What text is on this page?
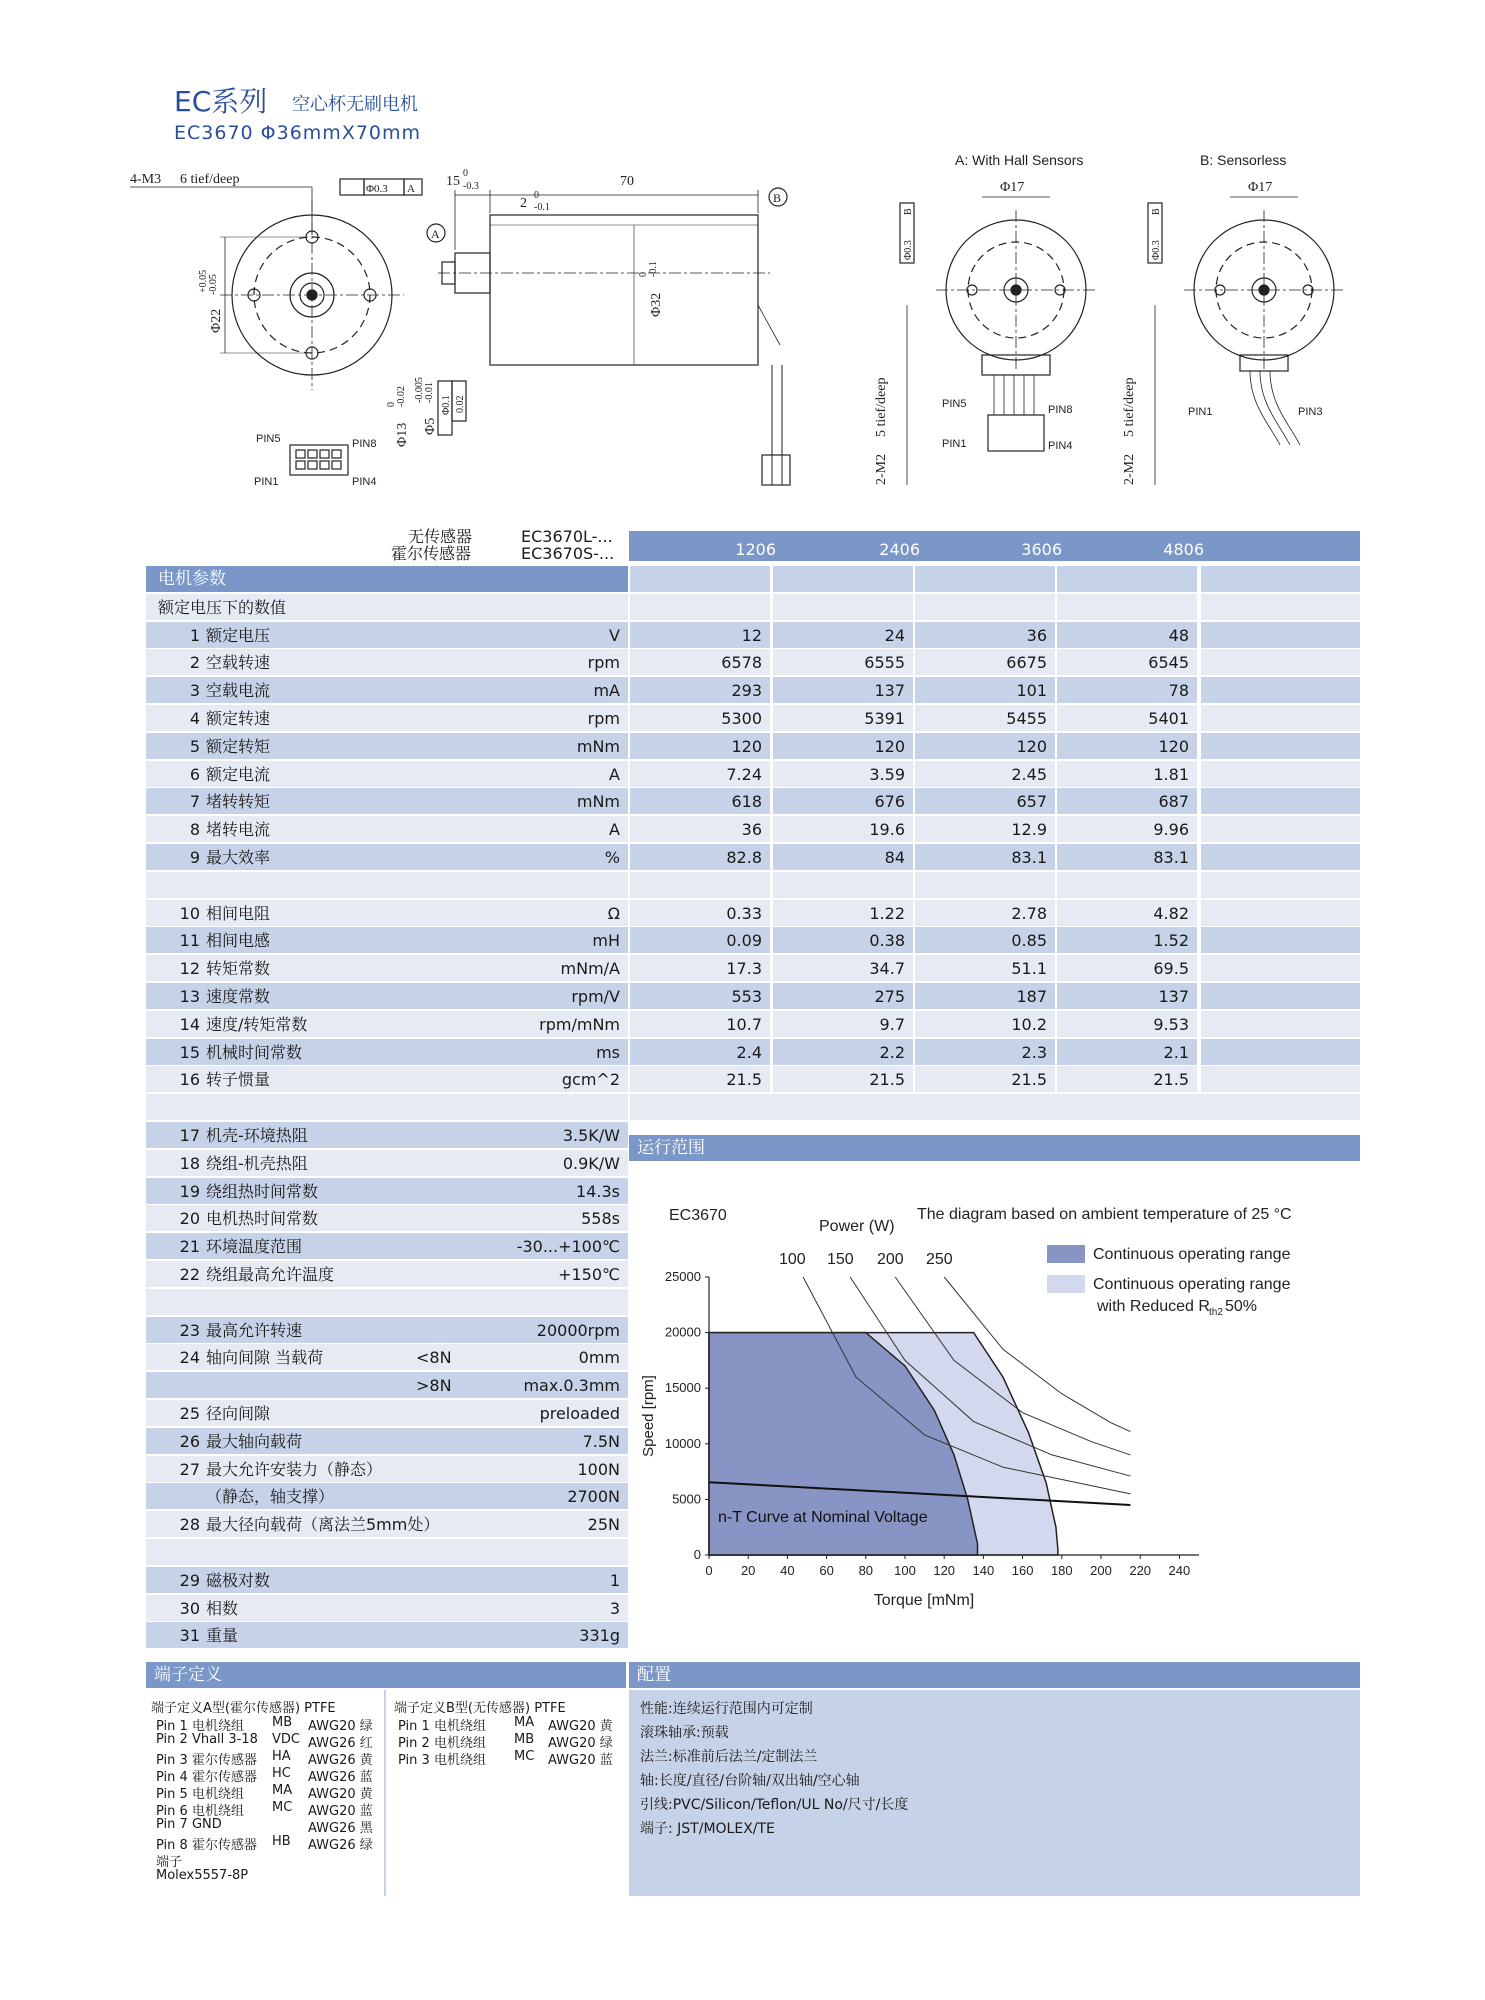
EC系列 空心杯无刷电机
EC3670 Φ36mmX70mm
4-M3 6 tief/deep
Φ0.3 A
Φ22
+0.05 -0.05
PIN5	PIN8
PIN1	PIN4
15
0
-0.3	70
2
0
-0.1
B
A
Φ32
0 -0.1
Φ13
0 -0.02
Φ5
-0.005 -0.01
Φ0.1 0.02
A: With Hall Sensors
Φ17
2-M2
5 tief/deep
Φ0.3
B
PIN5	PIN8
PIN1	PIN4
B: Sensorless
Φ17
2-M2
5 tief/deep
Φ0.3
B
PIN1	PIN3
无传感器
霍尔传感器
EC3670L-...
EC3670S-...	1206	2406	3606	4806
电机参数
额定电压下的数值
1 额定电压	V	12	24	36	48
2 空载转速	rpm	6578	6555	6675	6545
3 空载电流	mA	293	137	101	78
4 额定转速	rpm	5300	5391	5455	5401
5 额定转矩	mNm	120	120	120	120
6 额定电流	A	7.24	3.59	2.45	1.81
7 堵转转矩	mNm	618	676	657	687
8 堵转电流	A	36	19.6	12.9	9.96
9 最大效率	%	82.8	84	83.1	83.1
10 相间电阻	Ω	0.33	1.22	2.78	4.82
11 相间电感	mH	0.09	0.38	0.85	1.52
12 转矩常数	mNm/A	17.3	34.7	51.1	69.5
13 速度常数	rpm/V	553	275	187	137
14 速度/转矩常数	rpm/mNm	10.7	9.7	10.2	9.53
15 机械时间常数	ms	2.4	2.2	2.3	2.1
16 转子惯量	gcm^2	21.5	21.5	21.5	21.5
17 机壳-环境热阻	3.5K/W
18 绕组-机壳热阻	0.9K/W
19 绕组热时间常数	14.3s
20 电机热时间常数	558s
21 环境温度范围	-30...+100℃
22 绕组最高允许温度	+150℃
23 最高允许转速	20000rpm
24 轴向间隙 当载荷	<8N	0mm
>8N	max.0.3mm
25 径向间隙	preloaded
26 最大轴向载荷	7.5N
27 最大允许安装力（静态）	100N
（静态，轴支撑）	2700N
28 最大径向载荷（离法兰5mm处）	25N
29 磁极对数	1
30 相数	3
31 重量	331g
运行范围
0 20 40 60 80 100 120 140 160 180 200 220 240
0
5000
10000
15000
20000
25000
Torque [mNm]
Speed [rpm]
EC3670
Power (W)
The diagram based on ambient temperature of 25 °C
100 150 200 250
n-T Curve at Nominal Voltage
Continuous operating range
Continuous operating range
with Reduced R th2 50%
端子定义	配置
端子定义A型(霍尔传感器) PTFE
Pin 1 电机绕组 MB AWG20 绿
Pin 2 Vhall 3-18 VDC AWG26 红
Pin 3 霍尔传感器 HA AWG26 黄
Pin 4 霍尔传感器 HC AWG26 蓝
Pin 5 电机绕组 MA AWG20 黄
Pin 6 电机绕组 MC AWG20 蓝
Pin 7 GND	AWG26 黑
Pin 8 霍尔传感器 HB AWG26 绿
端子
Molex5557-8P
端子定义B型(无传感器) PTFE
Pin 1 电机绕组 MA AWG20 黄
Pin 2 电机绕组 MB AWG20 绿
Pin 3 电机绕组 MC AWG20 蓝
性能:连续运行范围内可定制
滚珠轴承:预载
法兰:标准前后法兰/定制法兰
轴:长度/直径/台阶轴/双出轴/空心轴
引线:PVC/Silicon/Teflon/UL No/尺寸/长度
端子: JST/MOLEX/TE
